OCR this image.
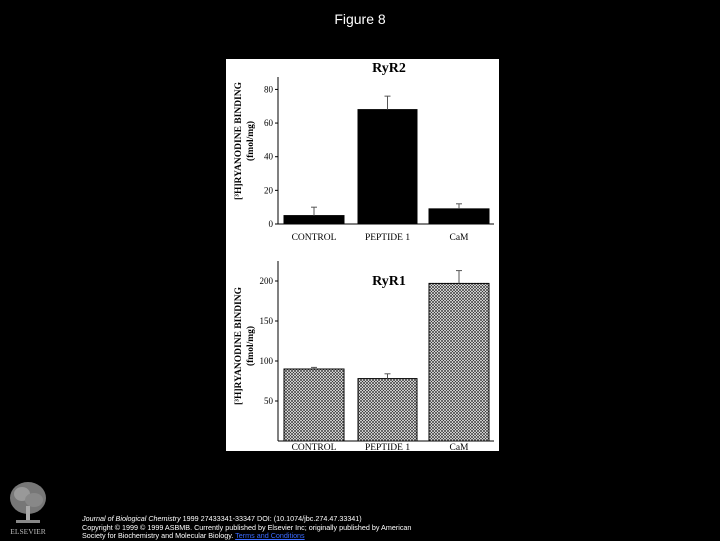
Figure 8
RyR2
[³H]RYANODINE BINDING (fmol/mg)
0
20
40
60
80
CONTROL	PEPTIDE 1	CaM
RyR1
[³H]RYANODINE BINDING (fmol/mg)
50
100
150
200
CONTROL	PEPTIDE 1	CaM
ELSEVIER
Journal of Biological Chemistry 1999 27433341-33347 DOI: (10.1074/jbc.274.47.33341)
Copyright © 1999 © 1999 ASBMB. Currently published by Elsevier Inc; originally published by American
Society for Biochemistry and Molecular Biology. Terms and Conditions
